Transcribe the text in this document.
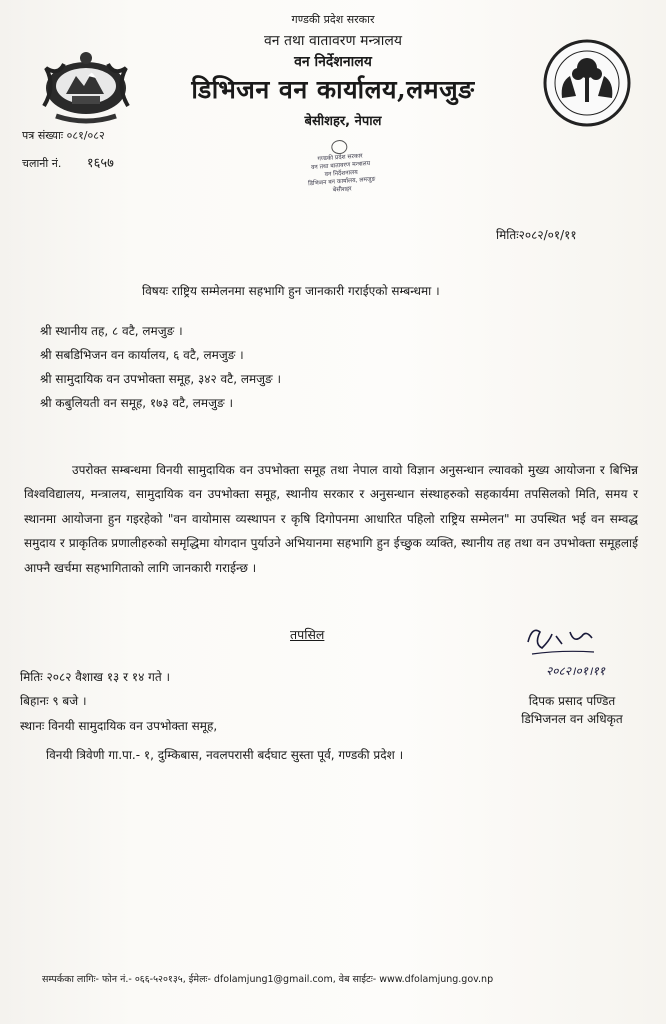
गण्डकी प्रदेश सरकार
वन तथा वातावरण मन्त्रालय
वन निर्देशनालय
डिभिजन वन कार्यालय,लमजुङ
बेसीशहर, नेपाल
गण्डकी प्रदेश सरकार
वन तथा वातावरण मन्त्रालय
वन निर्देशनालय
डिभिजन वन कार्यालय, लमजुङ
बेसीशहर
पत्र संख्याः ०८१/०८२
चलानी नं. १६५७
मितिः२०८२/०१/११
विषयः राष्ट्रिय सम्मेलनमा सहभागि हुन जानकारी गराईएको सम्बन्धमा ।
श्री स्थानीय तह, ८ वटै, लमजुङ ।
श्री सबडिभिजन वन कार्यालय, ६ वटै, लमजुङ ।
श्री सामुदायिक वन उपभोक्ता समूह, ३४२ वटै, लमजुङ ।
श्री कबुलियती वन समूह, १७३ वटै, लमजुङ ।
उपरोक्त सम्बन्धमा विनयी सामुदायिक वन उपभोक्ता समूह तथा नेपाल वायो विज्ञान अनुसन्धान ल्यावको मुख्य आयोजना र बिभिन्न विश्वविद्यालय, मन्त्रालय, सामुदायिक वन उपभोक्ता समूह, स्थानीय सरकार र अनुसन्धान संस्थाहरुको सहकार्यमा तपसिलको मिति, समय र स्थानमा आयोजना हुन गइरहेको "वन वायोमास व्यस्थापन र कृषि दिगोपनमा आधारित पहिलो राष्ट्रिय सम्मेलन" मा उपस्थित भई वन सम्वद्ध समुदाय र प्राकृतिक प्रणालीहरुको समृद्धिमा योगदान पुर्याउने अभियानमा सहभागि हुन ईच्छुक व्यक्ति, स्थानीय तह तथा वन उपभोक्ता समूहलाई आफ्नै खर्चमा सहभागिताको लागि जानकारी गराईन्छ ।
तपसिल
२०८२।०१।११
दिपक प्रसाद पण्डित
डिभिजनल वन अधिकृत
मितिः २०८२ वैशाख १३ र १४ गते ।
बिहानः ९ बजे ।
स्थानः विनयी सामुदायिक वन उपभोक्ता समूह,
विनयी त्रिवेणी गा.पा.- १, दुम्किबास, नवलपरासी बर्दघाट सुस्ता पूर्व, गण्डकी प्रदेश ।
सम्पर्कका लागिः- फोन नं.- ०६६-५२०१३५, ईमेलः- dfolamjung1@gmail.com, वेब साईटः- www.dfolamjung.gov.np
